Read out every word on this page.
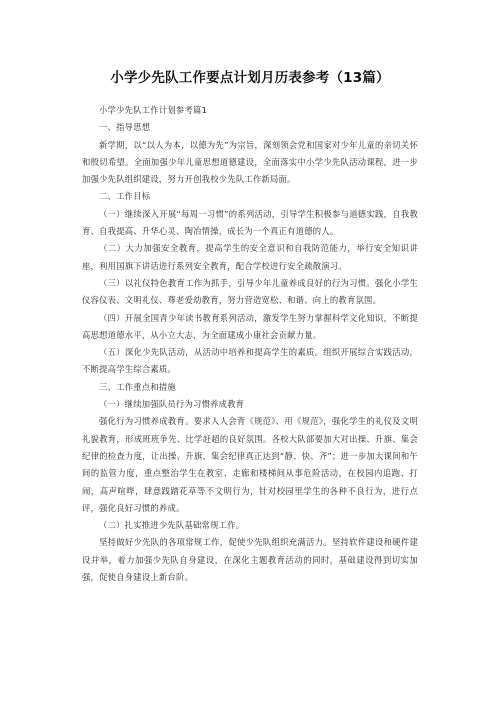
小学少先队工作要点计划月历表参考（13篇）

小学少先队工作计划参考篇1

一、指导思想

新学期，以“以人为本，以德为先”为宗旨，深刻领会党和国家对少年儿童的亲切关怀和殷切希望。全面加强少年儿童思想道德建设，全面落实中小学少先队活动课程，进一步加强少先队组织建设，努力开创我校少先队工作新局面。

二、工作目标

（一）继续深入开展“每周一习惯”的系列活动，引导学生积极参与道德实践，自我教育、自我提高、升华心灵、陶冶情操，成长为一个真正有道德的人。

（二）大力加强安全教育，提高学生的安全意识和自我防范能力，举行安全知识讲座，利用国旗下讲话进行系列安全教育，配合学校进行安全疏散演习。

（三）以礼仪特色教育工作为抓手，引导少年儿童养成良好的行为习惯。强化小学生仪容仪表、文明礼仪、尊老爱幼教育，努力营造宽松、和谐、向上的教育氛围。

（四）开展全国青少年读书教育系列活动，激发学生努力掌握科学文化知识，不断提高思想道德水平，从小立大志，为全面建成小康社会贡献力量。

（五）深化少先队活动，从活动中培养和提高学生的素质。组织开展综合实践活动，不断提高学生综合素质。

三、工作重点和措施

（一）继续加强队员行为习惯养成教育

强化行为习惯养成教育。要求人人会背《规范》、用《规范》，强化学生的礼仪及文明礼貌教育，形成班班争先、比学赶超的良好氛围。各校大队部要加大对出操、升旗、集会纪律的检查力度，让出操、升旗、集会纪律真正达到“静、快、齐”；进一步加大课间和午间的监管力度，重点整治学生在教室、走廊和楼梯间从事危险活动，在校园内追跑、打闹，高声喧哗，肆意践踏花草等不文明行为，针对校园里学生的各种不良行为，进行点评，强化良好习惯的养成。

（二）扎实推进少先队基础常规工作。

坚持做好少先队的各项常规工作，促使少先队组织充满活力。坚持软件建设和硬件建设并举，着力加强少先队自身建设，在深化主题教育活动的同时，基础建设得到切实加强，促使自身建设上新台阶。
